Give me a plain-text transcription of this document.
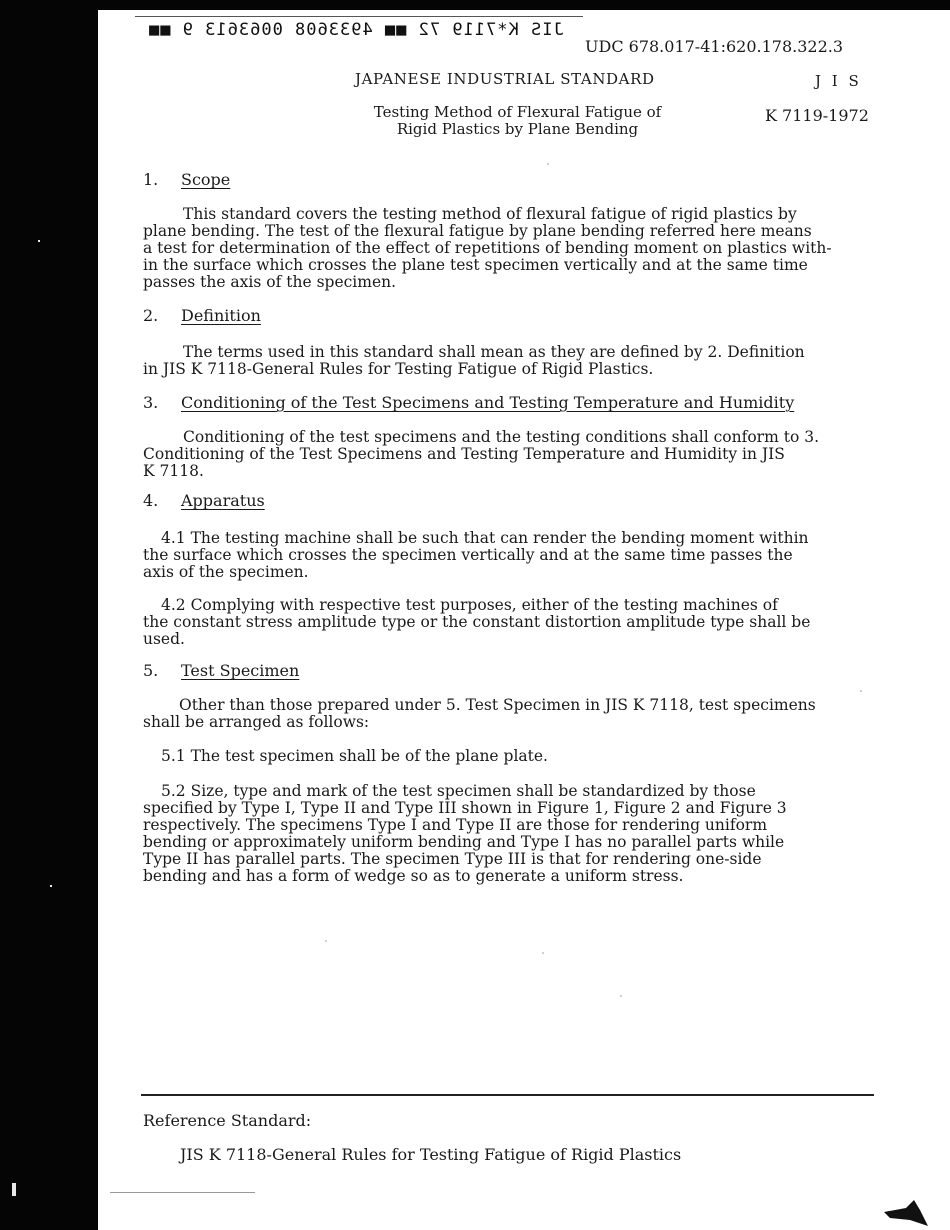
JIS K*7119 72 ■■ 4933608 0063613 9 ■■
UDC 678.017-41:620.178.322.3
JAPANESE INDUSTRIAL STANDARD	J I S
Testing Method of Flexural Fatigue of
Rigid Plastics by Plane Bending
K 7119-1972
1. Scope
This standard covers the testing method of flexural fatigue of rigid plastics by
plane bending. The test of the flexural fatigue by plane bending referred here means
a test for determination of the effect of repetitions of bending moment on plastics with-
in the surface which crosses the plane test specimen vertically and at the same time
passes the axis of the specimen.
2. Definition
The terms used in this standard shall mean as they are defined by 2. Definition
in JIS K 7118-General Rules for Testing Fatigue of Rigid Plastics.
3. Conditioning of the Test Specimens and Testing Temperature and Humidity
Conditioning of the test specimens and the testing conditions shall conform to 3.
Conditioning of the Test Specimens and Testing Temperature and Humidity in JIS
K 7118.
4. Apparatus
4.1 The testing machine shall be such that can render the bending moment within
the surface which crosses the specimen vertically and at the same time passes the
axis of the specimen.
4.2 Complying with respective test purposes, either of the testing machines of
the constant stress amplitude type or the constant distortion amplitude type shall be
used.
5. Test Specimen
Other than those prepared under 5. Test Specimen in JIS K 7118, test specimens
shall be arranged as follows:
5.1 The test specimen shall be of the plane plate.
5.2 Size, type and mark of the test specimen shall be standardized by those
specified by Type I, Type II and Type III shown in Figure 1, Figure 2 and Figure 3
respectively. The specimens Type I and Type II are those for rendering uniform
bending or approximately uniform bending and Type I has no parallel parts while
Type II has parallel parts. The specimen Type III is that for rendering one-side
bending and has a form of wedge so as to generate a uniform stress.
Reference Standard:
JIS K 7118-General Rules for Testing Fatigue of Rigid Plastics
